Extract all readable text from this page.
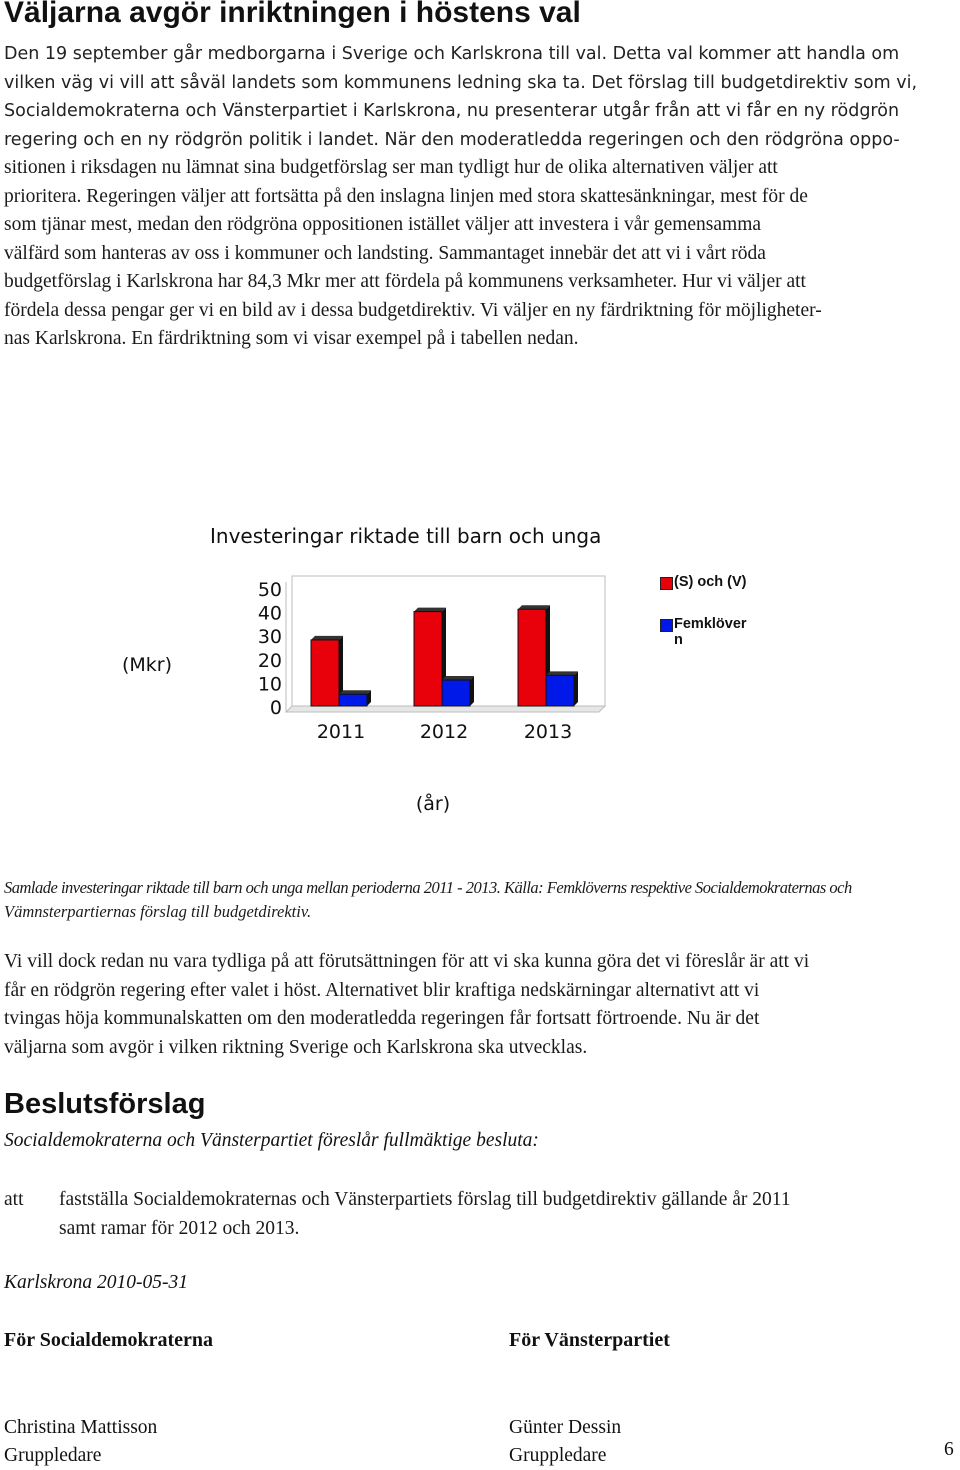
Väljarna avgör inriktningen i höstens val
Den 19 september går medborgarna i Sverige och Karlskrona till val. Detta val kommer att handla om
vilken väg vi vill att såväl landets som kommunens ledning ska ta. Det förslag till budgetdirektiv som vi,
Socialdemokraterna och Vänsterpartiet i Karlskrona, nu presenterar utgår från att vi får en ny rödgrön
regering och en ny rödgrön politik i landet. När den moderatledda regeringen och den rödgröna oppo-
sitionen i riksdagen nu lämnat sina budgetförslag ser man tydligt hur de olika alternativen väljer att
prioritera. Regeringen väljer att fortsätta på den inslagna linjen med stora skattesänkningar, mest för de
som tjänar mest, medan den rödgröna oppositionen istället väljer att investera i vår gemensamma
välfärd som hanteras av oss i kommuner och landsting. Sammantaget innebär det att vi i vårt röda
budgetförslag i Karlskrona har 84,3 Mkr mer att fördela på kommunens verksamheter. Hur vi väljer att
fördela dessa pengar ger vi en bild av i dessa budgetdirektiv. Vi väljer en ny färdriktning för möjligheter-
nas Karlskrona. En färdriktning som vi visar exempel på i tabellen nedan.
Investeringar riktade till barn och unga
50
40
30
20
10
0
2011	2012	2013
(Mkr)
(år)
(S) och (V)
Femklöver
n
Samlade investeringar riktade till barn och unga mellan perioderna 2011 - 2013. Källa: Femklöverns respektive Socialdemokraternas och
Vämnsterpartiernas förslag till budgetdirektiv.
Vi vill dock redan nu vara tydliga på att förutsättningen för att vi ska kunna göra det vi föreslår är att vi
får en rödgrön regering efter valet i höst. Alternativet blir kraftiga nedskärningar alternativt att vi
tvingas höja kommunalskatten om den moderatledda regeringen får fortsatt förtroende. Nu är det
väljarna som avgör i vilken riktning Sverige och Karlskrona ska utvecklas.
Beslutsförslag
Socialdemokraterna och Vänsterpartiet föreslår fullmäktige besluta:
att fastställa Socialdemokraternas och Vänsterpartiets förslag till budgetdirektiv gällande år 2011
samt ramar för 2012 och 2013.
Karlskrona 2010-05-31
För Socialdemokraterna	För Vänsterpartiet
Christina Mattisson
Gruppledare
Günter Dessin
Gruppledare	6
